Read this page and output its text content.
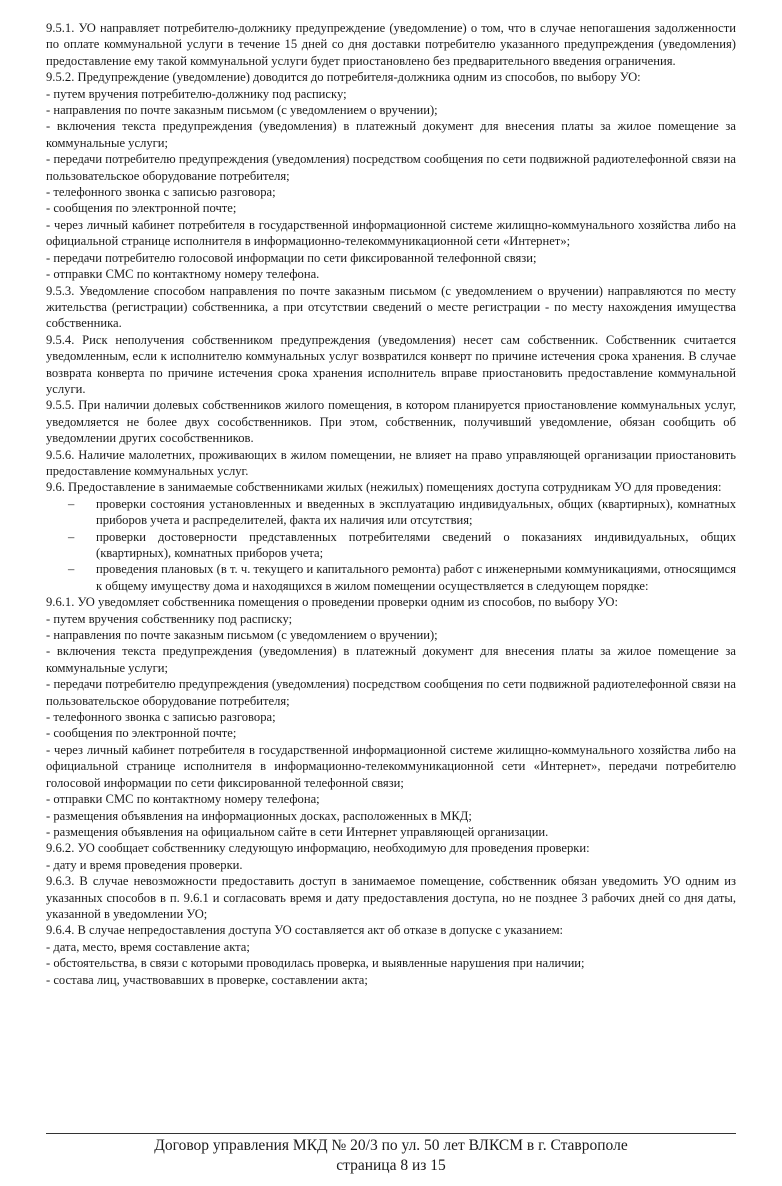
9.5.1. УО направляет потребителю-должнику предупреждение (уведомление) о том, что в случае непогашения задолженности по оплате коммунальной услуги в течение 15 дней со дня доставки потребителю указанного предупреждения (уведомления) предоставление ему такой коммунальной услуги будет приостановлено без предварительного введения ограничения.

9.5.2. Предупреждение (уведомление) доводится до потребителя-должника одним из способов, по выбору УО:

- путем вручения потребителю-должнику под расписку;

- направления по почте заказным письмом (с уведомлением о вручении);

- включения текста предупреждения (уведомления) в платежный документ для внесения платы за жилое помещение за коммунальные услуги;

- передачи потребителю предупреждения (уведомления) посредством сообщения по сети подвижной радиотелефонной связи на пользовательское оборудование потребителя;

- телефонного звонка с записью разговора;

- сообщения по электронной почте;

- через личный кабинет потребителя в государственной информационной системе жилищно-коммунального хозяйства либо на официальной странице исполнителя в информационно-телекоммуникационной сети «Интернет»;

- передачи потребителю голосовой информации по сети фиксированной телефонной связи;

- отправки СМС по контактному номеру телефона.

9.5.3. Уведомление способом направления по почте заказным письмом (с уведомлением о вручении) направляются по месту жительства (регистрации) собственника, а при отсутствии сведений о месте регистрации - по месту нахождения имущества собственника.

9.5.4. Риск неполучения собственником предупреждения (уведомления) несет сам собственник. Собственник считается уведомленным, если к исполнителю коммунальных услуг возвратился конверт по причине истечения срока хранения. В случае возврата конверта по причине истечения срока хранения исполнитель вправе приостановить предоставление коммунальной услуги.

9.5.5. При наличии долевых собственников жилого помещения, в котором планируется приостановление коммунальных услуг, уведомляется не более двух сособственников. При этом, собственник, получивший уведомление, обязан сообщить об уведомлении других сособственников.

9.5.6. Наличие малолетних, проживающих в жилом помещении, не влияет на право управляющей организации приостановить предоставление коммунальных услуг.

9.6. Предоставление в занимаемые собственниками жилых (нежилых) помещениях доступа сотрудникам УО для проведения:

– проверки состояния установленных и введенных в эксплуатацию индивидуальных, общих (квартирных), комнатных приборов учета и распределителей, факта их наличия или отсутствия;
– проверки достоверности представленных потребителями сведений о показаниях индивидуальных, общих (квартирных), комнатных приборов учета;
– проведения плановых (в т. ч. текущего и капитального ремонта) работ с инженерными коммуникациями, относящимся к общему имуществу дома и находящихся в жилом помещении осуществляется в следующем порядке:

9.6.1. УО уведомляет собственника помещения о проведении проверки одним из способов, по выбору УО:

- путем вручения собственнику под расписку;

- направления по почте заказным письмом (с уведомлением о вручении);

- включения текста предупреждения (уведомления) в платежный документ для внесения платы за жилое помещение за коммунальные услуги;

- передачи потребителю предупреждения (уведомления) посредством сообщения по сети подвижной радиотелефонной связи на пользовательское оборудование потребителя;

- телефонного звонка с записью разговора;

- сообщения по электронной почте;

- через личный кабинет потребителя в государственной информационной системе жилищно-коммунального хозяйства либо на официальной странице исполнителя в информационно-телекоммуникационной сети «Интернет», передачи потребителю голосовой информации по сети фиксированной телефонной связи;

- отправки СМС по контактному номеру телефона;

- размещения объявления на информационных досках, расположенных в МКД;

- размещения объявления на официальном сайте в сети Интернет управляющей организации.

9.6.2. УО сообщает собственнику следующую информацию, необходимую для проведения проверки:

- дату и время проведения проверки.

9.6.3. В случае невозможности предоставить доступ в занимаемое помещение, собственник обязан уведомить УО одним из указанных способов в п. 9.6.1 и согласовать время и дату предоставления доступа, но не позднее 3 рабочих дней со дня даты, указанной в уведомлении УО;

9.6.4. В случае непредоставления доступа УО составляется акт об отказе в допуске с указанием:

- дата, место, время составление акта;

- обстоятельства, в связи с которыми проводилась проверка, и выявленные нарушения при наличии;

- состава лиц, участвовавших в проверке, составлении акта;

Договор управления МКД № 20/3 по ул. 50 лет ВЛКСМ в г. Ставрополе
страница 8 из 15
